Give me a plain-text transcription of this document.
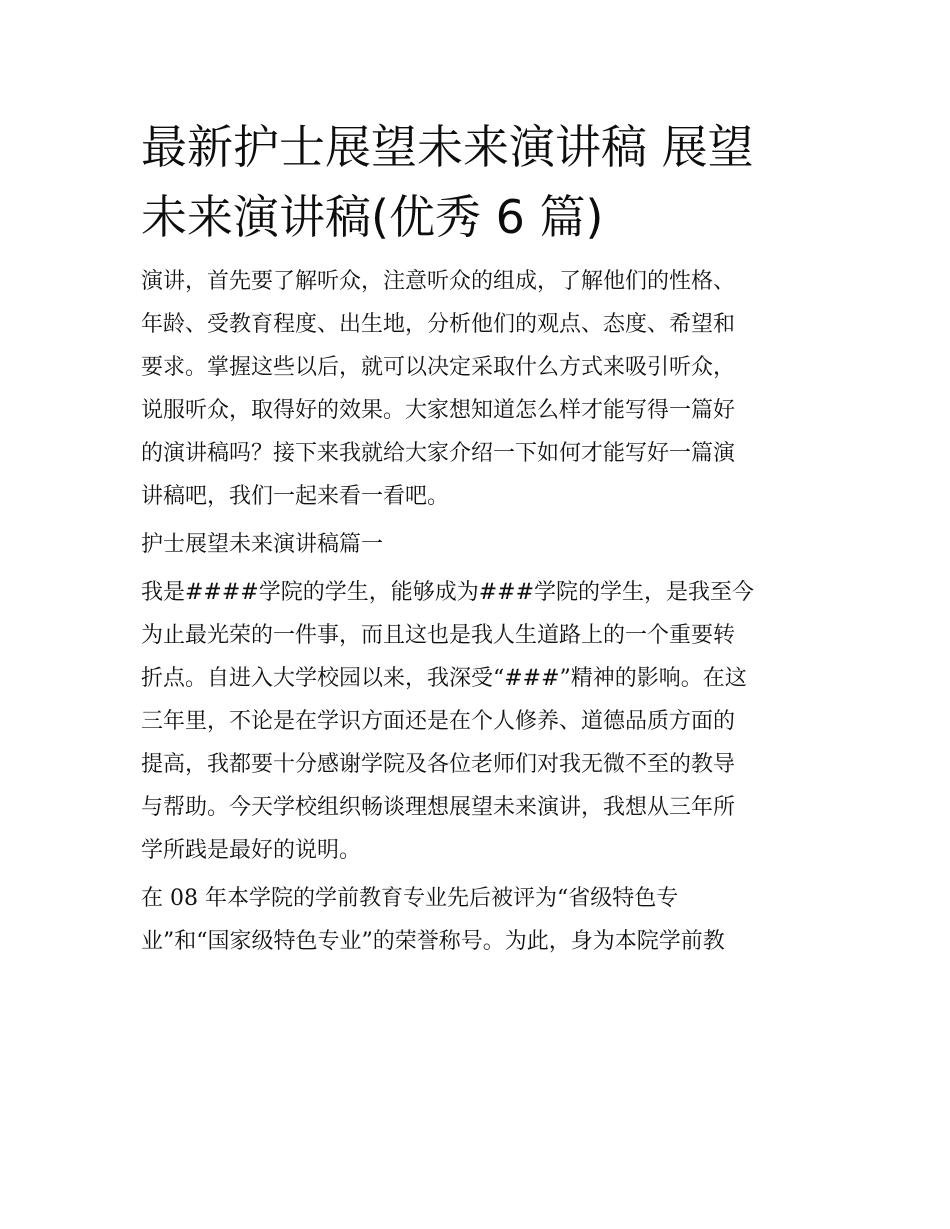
最新护士展望未来演讲稿 展望
未来演讲稿(优秀 6 篇)

演讲，首先要了解听众，注意听众的组成，了解他们的性格、
年龄、受教育程度、出生地，分析他们的观点、态度、希望和
要求。掌握这些以后，就可以决定采取什么方式来吸引听众，
说服听众，取得好的效果。大家想知道怎么样才能写得一篇好
的演讲稿吗？接下来我就给大家介绍一下如何才能写好一篇演
讲稿吧，我们一起来看一看吧。

护士展望未来演讲稿篇一

我是####学院的学生，能够成为###学院的学生，是我至今
为止最光荣的一件事，而且这也是我人生道路上的一个重要转
折点。自进入大学校园以来，我深受“###”精神的影响。在这
三年里，不论是在学识方面还是在个人修养、道德品质方面的
提高，我都要十分感谢学院及各位老师们对我无微不至的教导
与帮助。今天学校组织畅谈理想展望未来演讲，我想从三年所
学所践是最好的说明。

在 08 年本学院的学前教育专业先后被评为“省级特色专
业”和“国家级特色专业”的荣誉称号。为此，身为本院学前教
